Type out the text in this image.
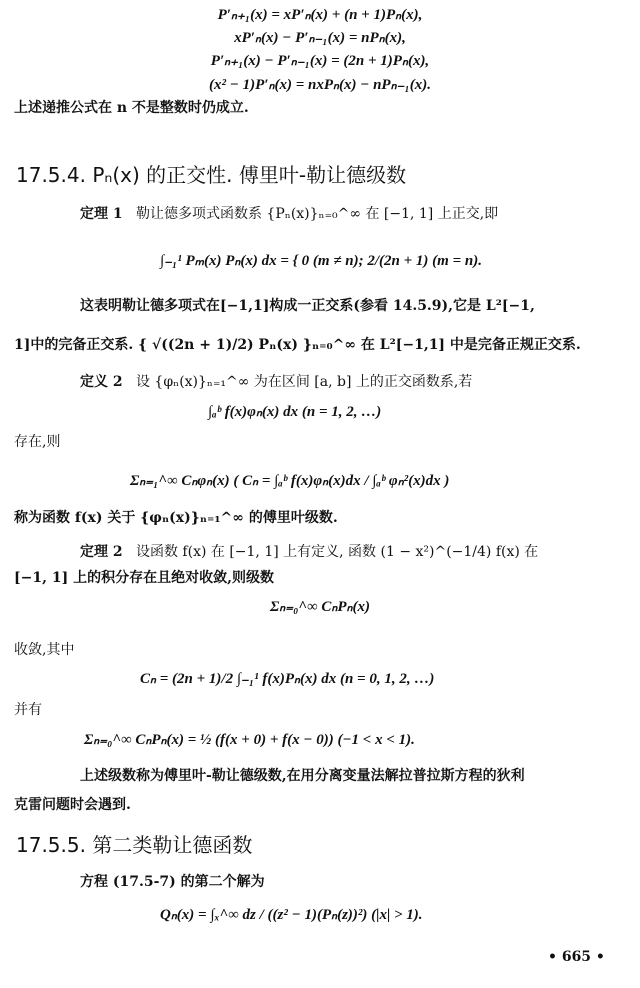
P′ₙ₊₁(x) = xP′ₙ(x) + (n + 1)Pₙ(x),
xP′ₙ(x) − P′ₙ₋₁(x) = nPₙ(x),
P′ₙ₊₁(x) − P′ₙ₋₁(x) = (2n + 1)Pₙ(x),
(x² − 1)P′ₙ(x) = nxPₙ(x) − nPₙ₋₁(x).
上述递推公式在 n 不是整数时仍成立.
17.5.4. Pₙ(x) 的正交性. 傅里叶-勒让德级数
定理 1 勒让德多项式函数系 {Pₙ(x)}ₙ₌₀^∞ 在 [−1, 1] 上正交,即
∫₋₁¹ Pₘ(x) Pₙ(x) dx = { 0 (m ≠ n); 2/(2n + 1) (m = n).
这表明勒让德多项式在[−1,1]构成一正交系(参看 14.5.9),它是 L²[−1,
1]中的完备正交系. { √((2n + 1)/2) Pₙ(x) }ₙ₌₀^∞ 在 L²[−1,1] 中是完备正规正交系.
定义 2 设 {φₙ(x)}ₙ₌₁^∞ 为在区间 [a, b] 上的正交函数系,若
∫ₐᵇ f(x)φₙ(x) dx (n = 1, 2, …)
存在,则
Σₙ₌₁^∞ Cₙφₙ(x) ( Cₙ = ∫ₐᵇ f(x)φₙ(x)dx / ∫ₐᵇ φₙ²(x)dx )
称为函数 f(x) 关于 {φₙ(x)}ₙ₌₁^∞ 的傅里叶级数.
定理 2 设函数 f(x) 在 [−1, 1] 上有定义, 函数 (1 − x²)^(−1/4) f(x) 在
[−1, 1] 上的积分存在且绝对收敛,则级数
Σₙ₌₀^∞ CₙPₙ(x)
收敛,其中
Cₙ = (2n + 1)/2 ∫₋₁¹ f(x)Pₙ(x) dx (n = 0, 1, 2, …)
并有
Σₙ₌₀^∞ CₙPₙ(x) = ½ (f(x + 0) + f(x − 0)) (−1 < x < 1).
上述级数称为傅里叶-勒让德级数,在用分离变量法解拉普拉斯方程的狄利
克雷问题时会遇到.
17.5.5. 第二类勒让德函数
方程 (17.5-7) 的第二个解为
Qₙ(x) = ∫ₓ^∞ dz / ((z² − 1)(Pₙ(z))²) (|x| > 1).
• 665 •
